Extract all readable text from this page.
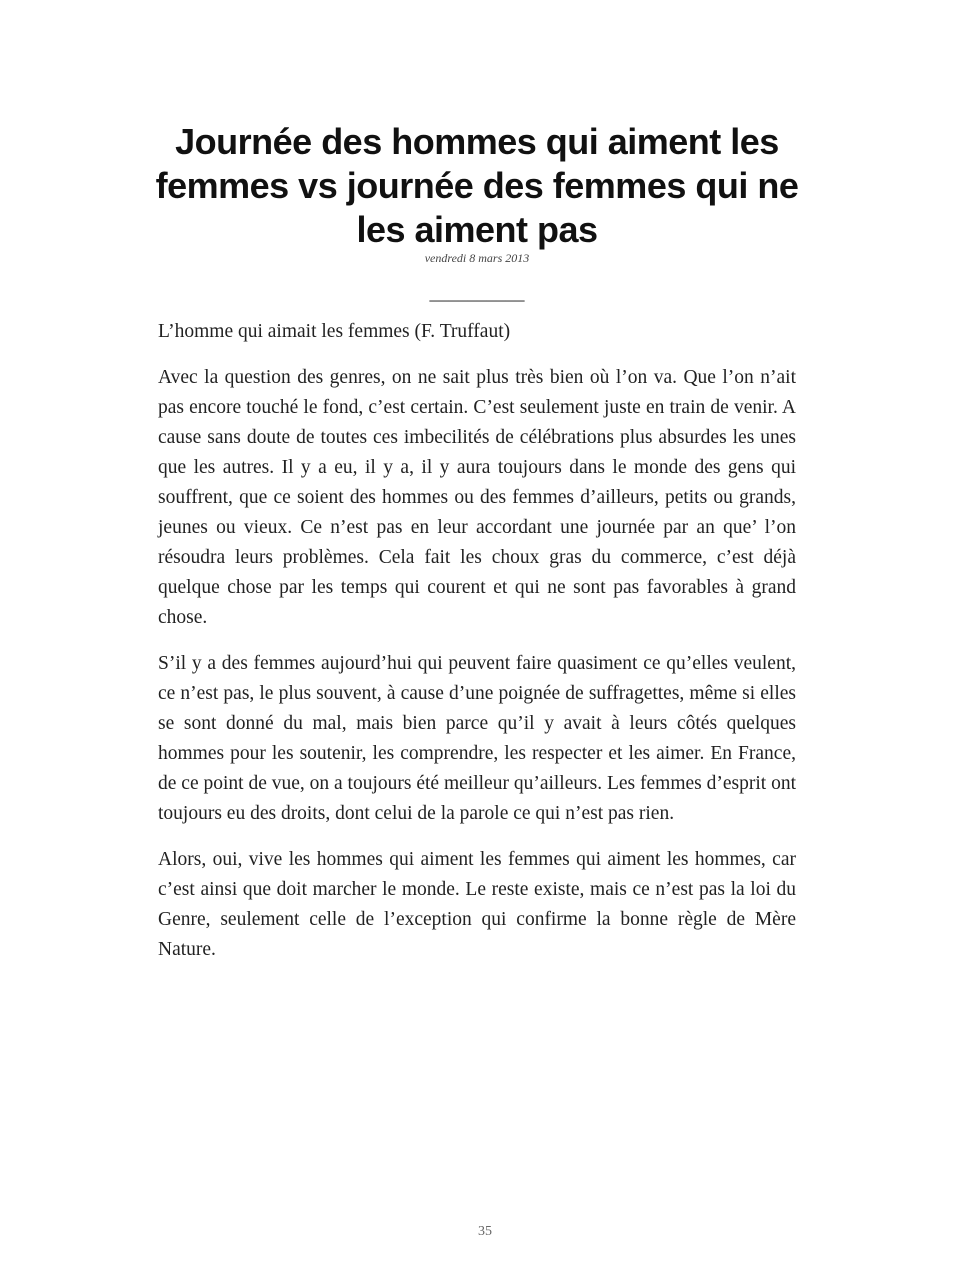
Journée des hommes qui aiment les femmes vs journée des femmes qui ne les aiment pas
vendredi 8 mars 2013
__________

L’homme qui aimait les femmes (F. Truffaut)

Avec la question des genres, on ne sait plus très bien où l’on va. Que l’on n’ait pas encore touché le fond, c’est certain. C’est seulement juste en train de venir. A cause sans doute de toutes ces imbecilités de célébrations plus absurdes les unes que les autres. Il y a eu, il y a, il y aura toujours dans le monde des gens qui souffrent, que ce soient des hommes ou des femmes d’ailleurs, petits ou grands, jeunes ou vieux. Ce n’est pas en leur accordant une journée par an que’ l’on résoudra leurs problèmes. Cela fait les choux gras du commerce, c’est déjà quelque chose par les temps qui courent et qui ne sont pas favorables à grand chose.

S’il y a des femmes aujourd’hui qui peuvent faire quasiment ce qu’elles veulent, ce n’est pas, le plus souvent, à cause d’une poignée de suffragettes, même si elles se sont donné du mal, mais bien parce qu’il y avait à leurs côtés quelques hommes pour les soutenir, les comprendre, les respecter et les aimer. En France, de ce point de vue, on a toujours été meilleur qu’ailleurs. Les femmes d’esprit ont toujours eu des droits, dont celui de la parole ce qui n’est pas rien.

Alors, oui, vive les hommes qui aiment les femmes qui aiment les hommes, car c’est ainsi que doit marcher le monde. Le reste existe, mais ce n’est pas la loi du Genre, seulement celle de l’exception qui confirme la bonne règle de Mère Nature.

35
